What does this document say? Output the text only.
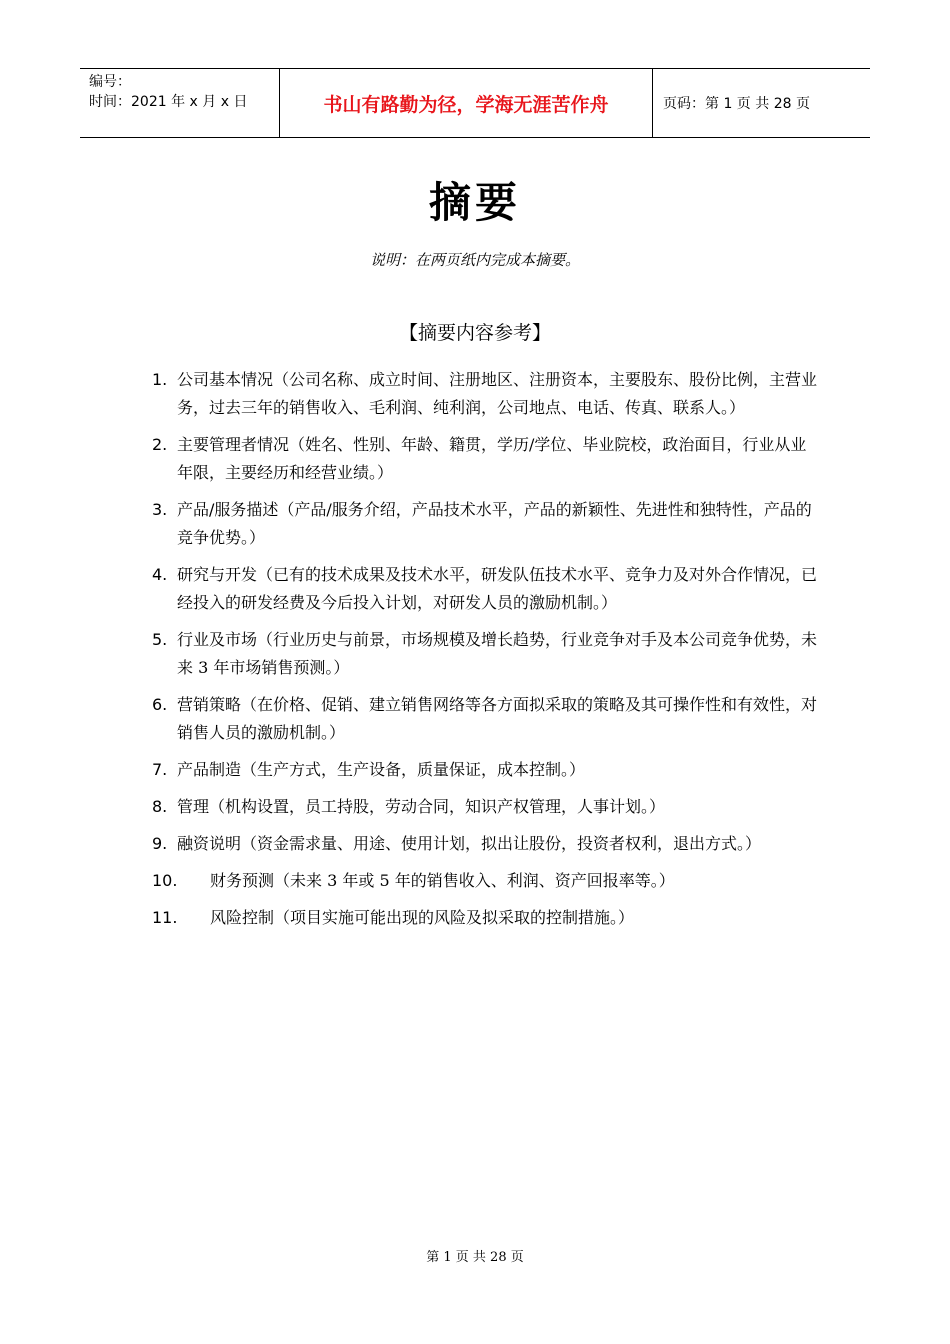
编号：
时间：2021 年 x 月 x 日	书山有路勤为径，学海无涯苦作舟	页码：第 1 页 共 28 页
摘要
说明：在两页纸内完成本摘要。
【摘要内容参考】
1. 公司基本情况（公司名称、成立时间、注册地区、注册资本，主要股东、股份比例，主营业务，过去三年的销售收入、毛利润、纯利润，公司地点、电话、传真、联系人。）
2. 主要管理者情况（姓名、性别、年龄、籍贯，学历/学位、毕业院校，政治面目，行业从业年限，主要经历和经营业绩。）
3. 产品/服务描述（产品/服务介绍，产品技术水平，产品的新颖性、先进性和独特性，产品的竞争优势。）
4. 研究与开发（已有的技术成果及技术水平，研发队伍技术水平、竞争力及对外合作情况，已经投入的研发经费及今后投入计划，对研发人员的激励机制。）
5. 行业及市场（行业历史与前景，市场规模及增长趋势，行业竞争对手及本公司竞争优势，未来 3 年市场销售预测。）
6. 营销策略（在价格、促销、建立销售网络等各方面拟采取的策略及其可操作性和有效性，对销售人员的激励机制。）
7. 产品制造（生产方式，生产设备，质量保证，成本控制。）
8. 管理（机构设置，员工持股，劳动合同，知识产权管理，人事计划。）
9. 融资说明（资金需求量、用途、使用计划，拟出让股份，投资者权利，退出方式。）
10.	财务预测（未来 3 年或 5 年的销售收入、利润、资产回报率等。）
11.	风险控制（项目实施可能出现的风险及拟采取的控制措施。）
第 1 页 共 28 页
